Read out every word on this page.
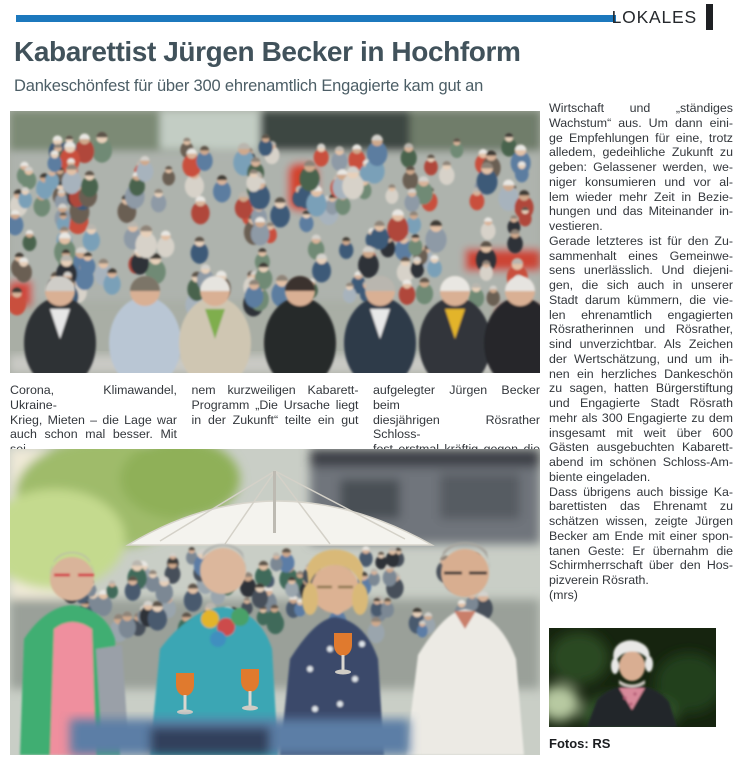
LOKALES
Kabarettist Jürgen Becker in Hochform
Dankeschönfest für über 300 ehrenamtlich Engagierte kam gut an
Corona, Klimawandel, Ukraine-
Krieg, Mieten – die Lage war
auch schon mal besser. Mit
nem kurzweiligen Kabarett-
Programm „Die Ursache liegt
in der Zukunft“ teilte ein gut
aufgelegter Jürgen Becker beim
diesjährigen Rösrather Schloss-
Wirtschaft und „ständiges
Wachstum“ aus. Um dann eini-
ge Empfehlungen für eine, trotz
alledem, gedeihliche Zukunft zu
geben: Gelassener werden, we-
niger konsumieren und vor al-
lem wieder mehr Zeit in Bezie-
hungen und das Miteinander in-
vestieren.
Gerade letzteres ist für den Zu-
sammenhalt eines Gemeinwe-
sens unerlässlich. Und diejeni-
gen, die sich auch in unserer
Stadt darum kümmern, die vie-
len ehrenamtlich engagierten
Rösratherinnen und Rösrather,
sind unverzichtbar. Als Zeichen
der Wertschätzung, und um ih-
nen ein herzliches Dankeschön
zu sagen, hatten Bürgerstiftung
und Engagierte Stadt Rösrath
mehr als 300 Engagierte zu dem
insgesamt mit weit über 600
Gästen ausgebuchten Kabarett-
abend im schönen Schloss-Am-
biente eingeladen.
Dass übrigens auch bissige Ka-
barettisten das Ehrenamt zu
schätzen wissen, zeigte Jürgen
Becker am Ende mit einer spon-
tanen Geste: Er übernahm die
Schirmherrschaft über den Hos-
pizverein Rösrath.
(mrs)
Fotos: RS
